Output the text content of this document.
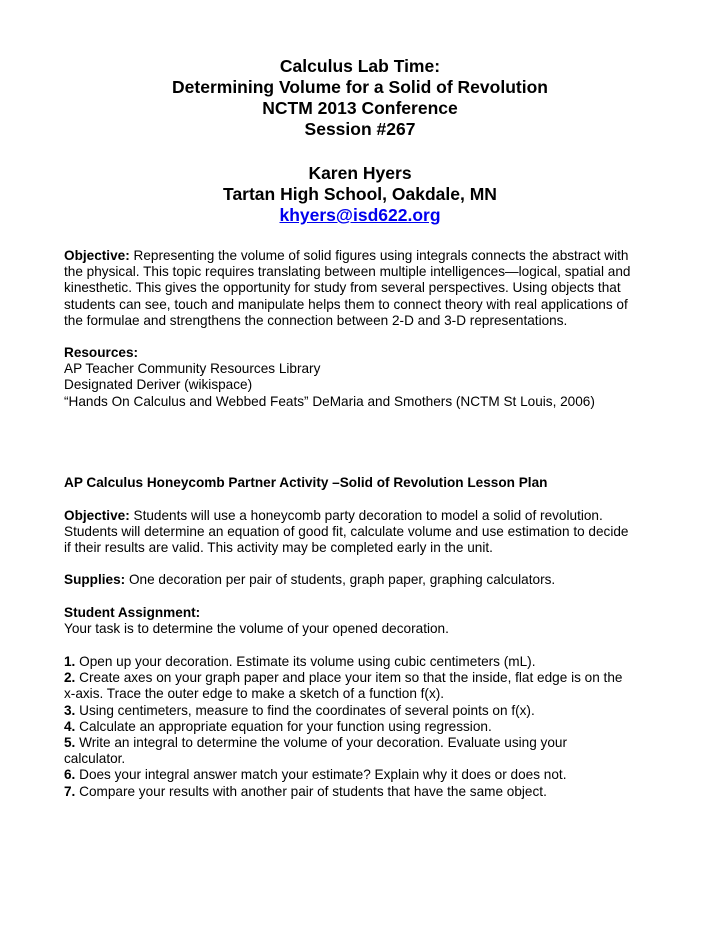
Calculus Lab Time:
Determining Volume for a Solid of Revolution
NCTM 2013 Conference
Session #267
Karen Hyers
Tartan High School, Oakdale, MN
khyers@isd622.org
Objective: Representing the volume of solid figures using integrals connects the abstract with
the physical. This topic requires translating between multiple intelligences—logical, spatial and
kinesthetic. This gives the opportunity for study from several perspectives. Using objects that
students can see, touch and manipulate helps them to connect theory with real applications of
the formulae and strengthens the connection between 2-D and 3-D representations.
Resources:
AP Teacher Community Resources Library
Designated Deriver (wikispace)
“Hands On Calculus and Webbed Feats” DeMaria and Smothers (NCTM St Louis, 2006)
AP Calculus Honeycomb Partner Activity –Solid of Revolution Lesson Plan
Objective: Students will use a honeycomb party decoration to model a solid of revolution.
Students will determine an equation of good fit, calculate volume and use estimation to decide
if their results are valid. This activity may be completed early in the unit.
Supplies: One decoration per pair of students, graph paper, graphing calculators.
Student Assignment:
Your task is to determine the volume of your opened decoration.
1. Open up your decoration. Estimate its volume using cubic centimeters (mL).
2. Create axes on your graph paper and place your item so that the inside, flat edge is on the
x-axis. Trace the outer edge to make a sketch of a function f(x).
3. Using centimeters, measure to find the coordinates of several points on f(x).
4. Calculate an appropriate equation for your function using regression.
5. Write an integral to determine the volume of your decoration. Evaluate using your
calculator.
6. Does your integral answer match your estimate? Explain why it does or does not.
7. Compare your results with another pair of students that have the same object.
